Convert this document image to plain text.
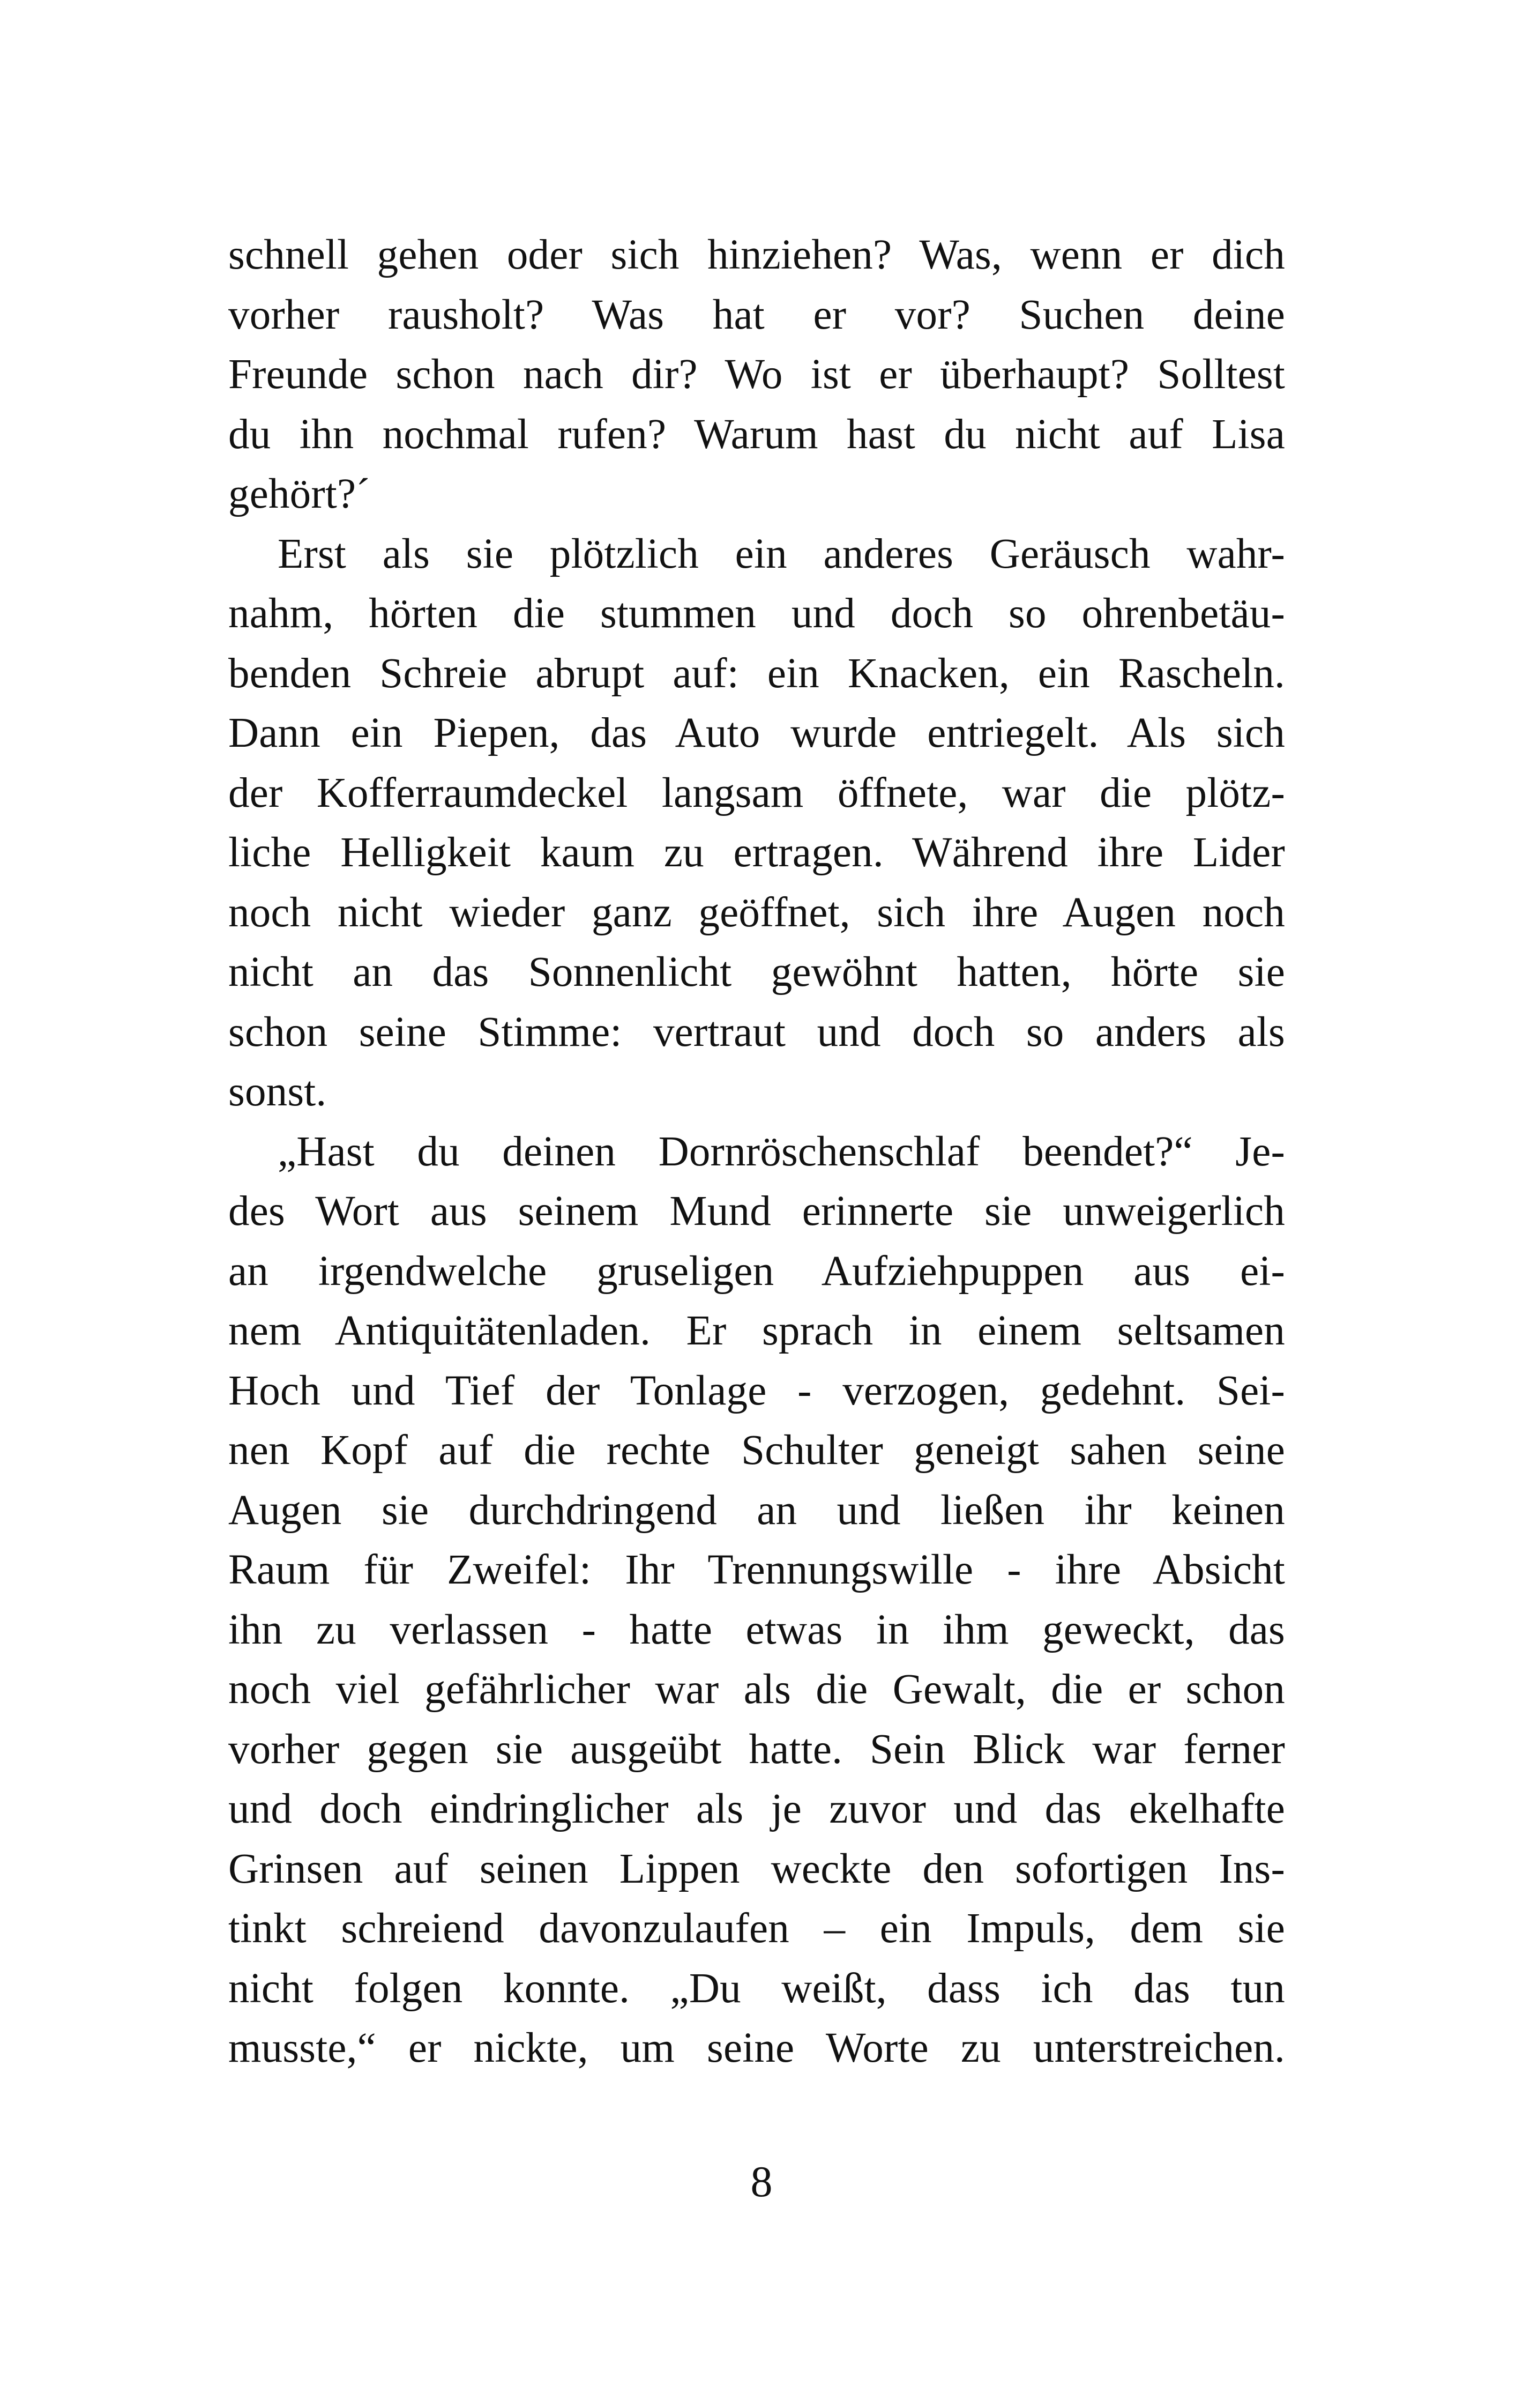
schnell gehen oder sich hinziehen? Was, wenn er dich
vorher rausholt? Was hat er vor? Suchen deine
Freunde schon nach dir? Wo ist er überhaupt? Solltest
du ihn nochmal rufen? Warum hast du nicht auf Lisa
gehört?´
Erst als sie plötzlich ein anderes Geräusch wahr-
nahm, hörten die stummen und doch so ohrenbetäu-
benden Schreie abrupt auf: ein Knacken, ein Rascheln.
Dann ein Piepen, das Auto wurde entriegelt. Als sich
der Kofferraumdeckel langsam öffnete, war die plötz-
liche Helligkeit kaum zu ertragen. Während ihre Lider
noch nicht wieder ganz geöffnet, sich ihre Augen noch
nicht an das Sonnenlicht gewöhnt hatten, hörte sie
schon seine Stimme: vertraut und doch so anders als
sonst.
„Hast du deinen Dornröschenschlaf beendet?“ Je-
des Wort aus seinem Mund erinnerte sie unweigerlich
an irgendwelche gruseligen Aufziehpuppen aus ei-
nem Antiquitätenladen. Er sprach in einem seltsamen
Hoch und Tief der Tonlage - verzogen, gedehnt. Sei-
nen Kopf auf die rechte Schulter geneigt sahen seine
Augen sie durchdringend an und ließen ihr keinen
Raum für Zweifel: Ihr Trennungswille - ihre Absicht
ihn zu verlassen - hatte etwas in ihm geweckt, das
noch viel gefährlicher war als die Gewalt, die er schon
vorher gegen sie ausgeübt hatte. Sein Blick war ferner
und doch eindringlicher als je zuvor und das ekelhafte
Grinsen auf seinen Lippen weckte den sofortigen Ins-
tinkt schreiend davonzulaufen – ein Impuls, dem sie
nicht folgen konnte. „Du weißt, dass ich das tun
musste,“ er nickte, um seine Worte zu unterstreichen.
8
